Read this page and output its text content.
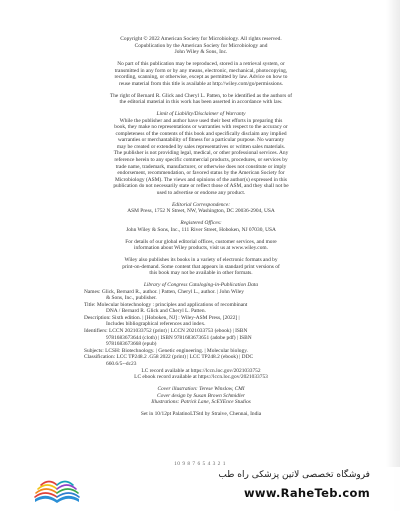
Copyright © 2022 American Society for Microbiology. All rights reserved.
Copublication by the American Society for Microbiology and
John Wiley & Sons, Inc.
No part of this publication may be reproduced, stored in a retrieval system, or
transmitted in any form or by any means, electronic, mechanical, photocopying,
recording, scanning, or otherwise, except as permitted by law. Advice on how to
reuse material from this title is available at http://wiley.com/go/permissions.
The right of Bernard R. Glick and Cheryl L. Patten, to be identified as the authors of
the editorial material in this work has been asserted in accordance with law.
Limit of Liability/Disclaimer of Warranty
While the publisher and author have used their best efforts in preparing this
book, they make no representations or warranties with respect to the accuracy or
completeness of the contents of this book and specifically disclaim any implied
warranties or merchantability of fitness for a particular purpose. No warranty
may be created or extended by sales representatives or written sales materials.
The publisher is not providing legal, medical, or other professional services. Any
reference herein to any specific commercial products, procedures, or services by
trade name, trademark, manufacturer, or otherwise does not constitute or imply
endorsement, recommendation, or favored status by the American Society for
Microbiology (ASM). The views and opinions of the author(s) expressed in this
publication do not necessarily state or reflect those of ASM, and they shall not be
used to advertise or endorse any product.
Editorial Correspondence:
ASM Press, 1752 N Street, NW, Washington, DC 20036-2904, USA
Registered Offices:
John Wiley & Sons, Inc., 111 River Street, Hoboken, NJ 07030, USA
For details of our global editorial offices, customer services, and more
information about Wiley products, visit us at www.wiley.com.
Wiley also publishes its books in a variety of electronic formats and by
print-on-demand. Some content that appears in standard print versions of
this book may not be available in other formats.
Library of Congress Cataloging-in-Publication Data
Names: Glick, Bernard R., author. | Patten, Cheryl L., author. | John Wiley
& Sons, Inc., publisher.
Title: Molecular biotechnology : principles and applications of recombinant
DNA / Bernard R. Glick and Cheryl L. Patten.
Description: Sixth edition. | [Hoboken, NJ] : Wiley-ASM Press, [2022] |
Includes bibliographical references and index.
Identifiers: LCCN 2021033752 (print) | LCCN 2021033753 (ebook) | ISBN
9781683673644 (cloth) | ISBN 9781683673651 (adobe pdf) | ISBN
9781683673668 (epub)
Subjects: LCSH: Biotechnology. | Genetic engineering. | Molecular biology.
Classification: LCC TP248.2 .G58 2022 (print) | LCC TP248.2 (ebook) | DDC
660.6/5--dc23
LC record available at https://lccn.loc.gov/2021033752
LC ebook record available at https://lccn.loc.gov/2021033753
Cover illustration: Terese Winslow, CMI
Cover design by Susan Brown Schmidler
Illustrations: Patrick Lane, ScEYEnce Studios
Set in 10/12pt PalatinoLTStd by Straive, Chennai, India
10 9 8 7 6 5 4 3 2 1
فروشگاه تخصصی لاتین پزشکی راه طب
www.RaheTeb.com
